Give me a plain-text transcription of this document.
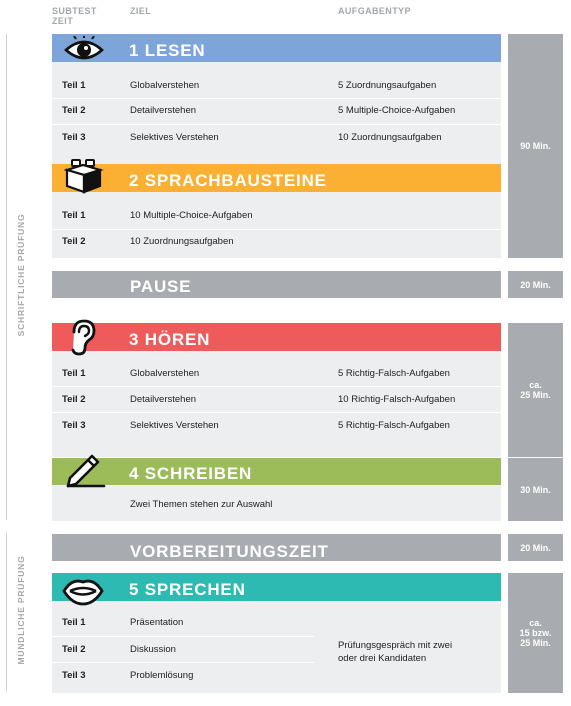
SUBTEST
ZEIT
ZIEL	AUFGABENTYP
SCHRIFTLICHE PRÜFUNG
MÜNDLICHE PRÜFUNG
1 LESEN
Teil 1	Globalverstehen	5 Zuordnungsaufgaben
Teil 2	Detailverstehen	5 Multiple-Choice-Aufgaben
Teil 3	Selektives Verstehen	10 Zuordnungsaufgaben
2 SPRACHBAUSTEINE
Teil 1	10 Multiple-Choice-Aufgaben
Teil 2	10 Zuordnungsaufgaben
90 Min.
PAUSE	20 Min.
3 HÖREN
Teil 1	Globalverstehen	5 Richtig-Falsch-Aufgaben
Teil 2	Detailverstehen	10 Richtig-Falsch-Aufgaben
Teil 3	Selektives Verstehen	5 Richtig-Falsch-Aufgaben
ca.
25 Min.
4 SCHREIBEN
Zwei Themen stehen zur Auswahl
30 Min.
VORBEREITUNGSZEIT	20 Min.
5 SPRECHEN
Teil 1	Präsentation
Teil 2	Diskussion
Teil 3	Problemlösung
Prüfungsgespräch mit zwei
oder drei Kandidaten
ca.
15 bzw.
25 Min.
